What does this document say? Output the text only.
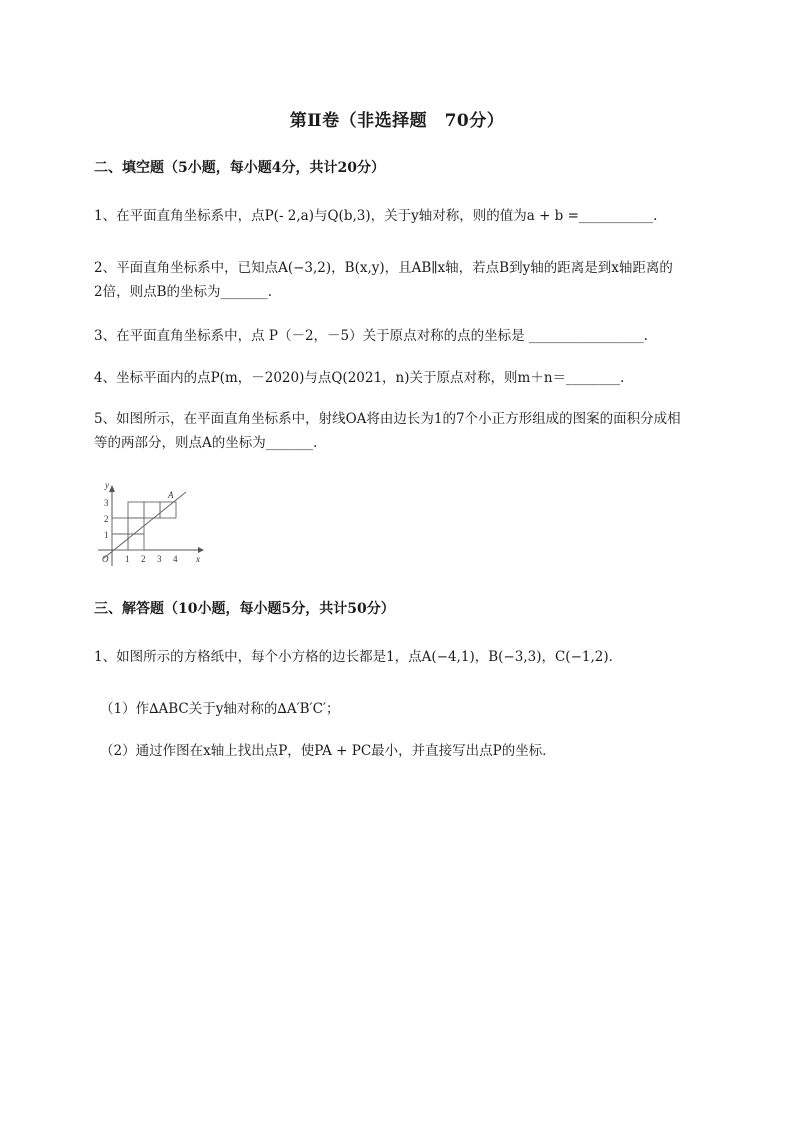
第Ⅱ卷（非选择题　70分）
二、填空题（5小题，每小题4分，共计20分）
1、在平面直角坐标系中，点P(- 2,a)与Q(b,3)，关于y轴对称，则的值为a + b =___________.
2、平面直角坐标系中，已知点A(−3,2)，B(x,y)，且AB∥x轴，若点B到y轴的距离是到x轴距离的
2倍，则点B的坐标为_______.
3、在平面直角坐标系中，点 P（－2，－5）关于原点对称的点的坐标是 _________________.
4、坐标平面内的点P(m，－2020)与点Q(2021，n)关于原点对称，则m＋n＝________.
5、如图所示，在平面直角坐标系中，射线OA将由边长为1的7个小正方形组成的图案的面积分成相
等的两部分，则点A的坐标为_______.
y
x
O
A
1 2 3 4
1
2
3
三、解答题（10小题，每小题5分，共计50分）
1、如图所示的方格纸中，每个小方格的边长都是1，点A(−4,1)，B(−3,3)，C(−1,2)．
（1）作∆ABC关于y轴对称的∆A′B′C′；
（2）通过作图在x轴上找出点P，使PA + PC最小，并直接写出点P的坐标．
